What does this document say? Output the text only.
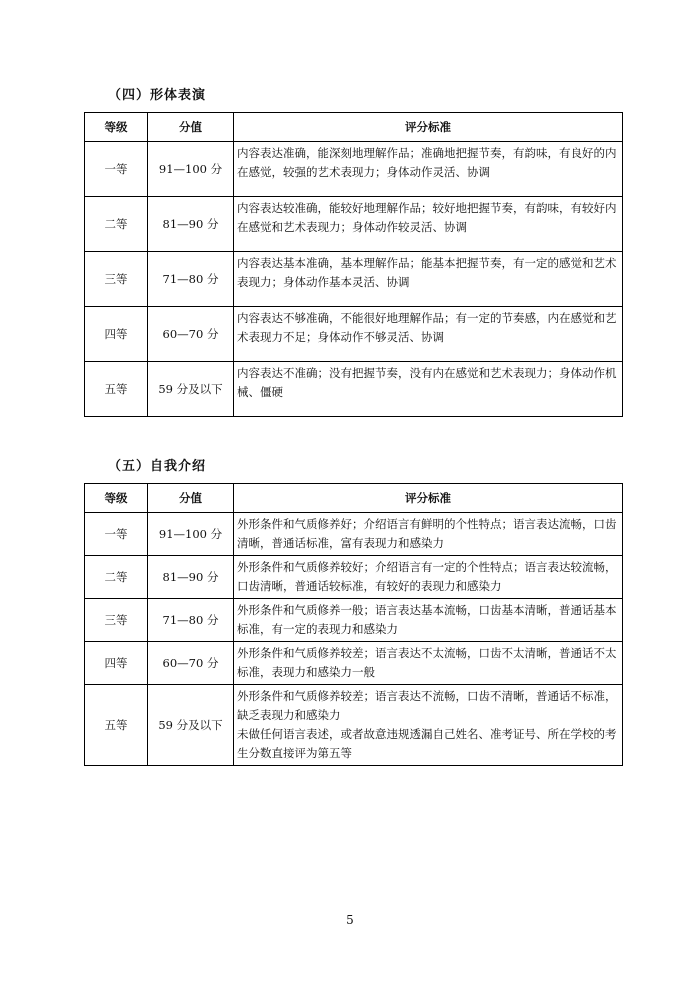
（四）形体表演
等级	分值	评分标准
一等	91—100 分	内容表达准确，能深刻地理解作品；准确地把握节奏，有韵味，有良好的内在感觉，较强的艺术表现力；身体动作灵活、协调
二等	81—90 分	内容表达较准确，能较好地理解作品；较好地把握节奏，有韵味，有较好内在感觉和艺术表现力；身体动作较灵活、协调
三等	71—80 分	内容表达基本准确，基本理解作品；能基本把握节奏，有一定的感觉和艺术表现力；身体动作基本灵活、协调
四等	60—70 分	内容表达不够准确，不能很好地理解作品；有一定的节奏感，内在感觉和艺术表现力不足；身体动作不够灵活、协调
五等	59 分及以下	内容表达不准确；没有把握节奏，没有内在感觉和艺术表现力；身体动作机械、僵硬
（五）自我介绍
等级	分值	评分标准
一等	91—100 分	外形条件和气质修养好；介绍语言有鲜明的个性特点；语言表达流畅，口齿清晰，普通话标准，富有表现力和感染力
二等	81—90 分	外形条件和气质修养较好；介绍语言有一定的个性特点；语言表达较流畅，口齿清晰，普通话较标准，有较好的表现力和感染力
三等	71—80 分	外形条件和气质修养一般；语言表达基本流畅，口齿基本清晰，普通话基本标准，有一定的表现力和感染力
四等	60—70 分	外形条件和气质修养较差；语言表达不太流畅，口齿不太清晰，普通话不太标准，表现力和感染力一般
五等	59 分及以下	外形条件和气质修养较差；语言表达不流畅，口齿不清晰，普通话不标准，缺乏表现力和感染力
未做任何语言表述，或者故意违规透漏自己姓名、准考证号、所在学校的考生分数直接评为第五等
5
